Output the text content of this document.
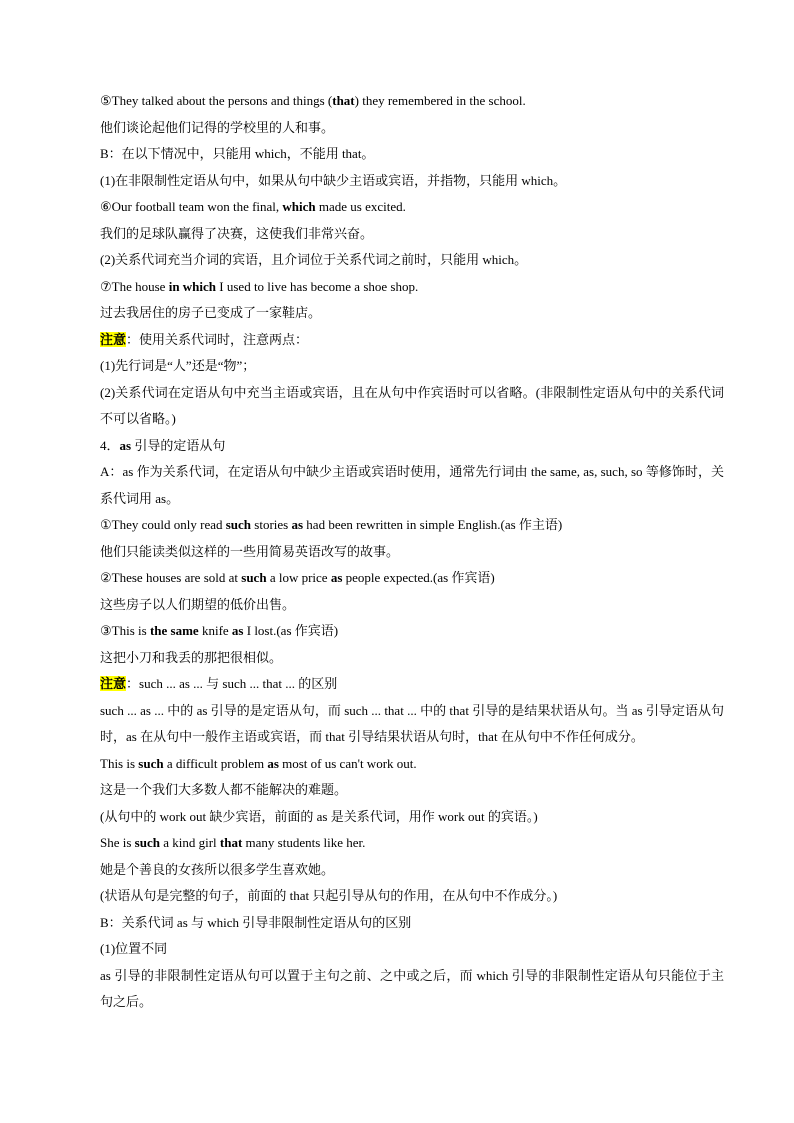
⑤They talked about the persons and things (that) they remembered in the school.
他们谈论起他们记得的学校里的人和事。
B：在以下情况中，只能用 which，不能用 that。
(1)在非限制性定语从句中，如果从句中缺少主语或宾语，并指物，只能用 which。
⑥Our football team won the final, which made us excited.
我们的足球队赢得了决赛，这使我们非常兴奋。
(2)关系代词充当介词的宾语，且介词位于关系代词之前时，只能用 which。
⑦The house in which I used to live has become a shoe shop.
过去我居住的房子已变成了一家鞋店。
注意：使用关系代词时，注意两点：
(1)先行词是“人”还是“物”；
(2)关系代词在定语从句中充当主语或宾语，且在从句中作宾语时可以省略。(非限制性定语从句中的关系代词不可以省略。)
4．as 引导的定语从句
A：as 作为关系代词，在定语从句中缺少主语或宾语时使用，通常先行词由 the same, as, such, so 等修饰时，关系代词用 as。
①They could only read such stories as had been rewritten in simple English.(as 作主语)
他们只能读类似这样的一些用简易英语改写的故事。
②These houses are sold at such a low price as people expected.(as 作宾语)
这些房子以人们期望的低价出售。
③This is the same knife as I lost.(as 作宾语)
这把小刀和我丢的那把很相似。
注意：such ... as ... 与 such ... that ... 的区别
such ... as ... 中的 as 引导的是定语从句，而 such ... that ... 中的 that 引导的是结果状语从句。当 as 引导定语从句时，as 在从句中一般作主语或宾语，而 that 引导结果状语从句时，that 在从句中不作任何成分。
This is such a difficult problem as most of us can't work out.
这是一个我们大多数人都不能解决的难题。
(从句中的 work out 缺少宾语，前面的 as 是关系代词，用作 work out 的宾语。)
She is such a kind girl that many students like her.
她是个善良的女孩所以很多学生喜欢她。
(状语从句是完整的句子，前面的 that 只起引导从句的作用，在从句中不作成分。)
B：关系代词 as 与 which 引导非限制性定语从句的区别
(1)位置不同
as 引导的非限制性定语从句可以置于主句之前、之中或之后，而 which 引导的非限制性定语从句只能位于主句之后。
